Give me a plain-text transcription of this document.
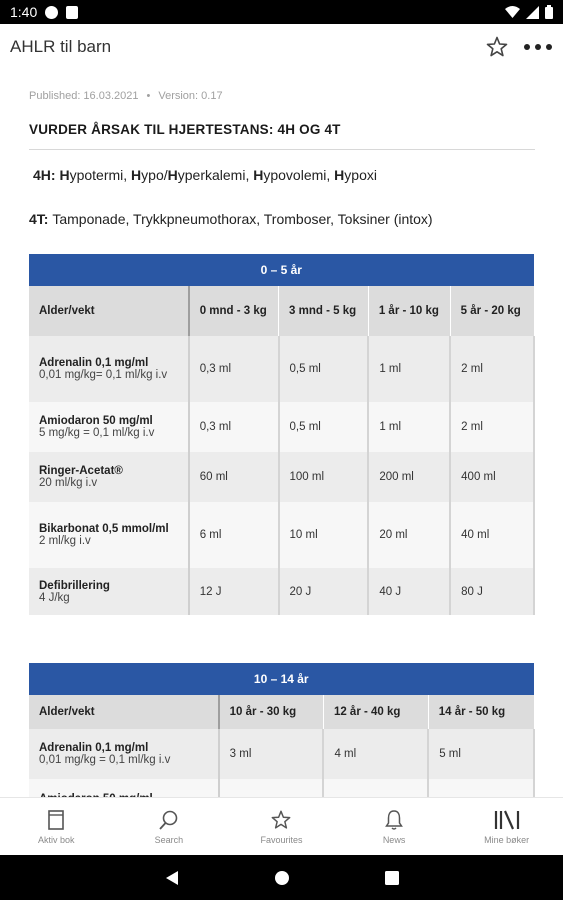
1:40
AHLR til barn
Published: 16.03.2021 • Version: 0.17
VURDER ÅRSAK TIL HJERTESTANS: 4H OG 4T
4H: Hypotermi, Hypo/Hyperkalemi, Hypovolemi, Hypoxi
4T: Tamponade, Trykkpneumothorax, Tromboser, Toksiner (intox)
0 – 5 år				
Alder/vekt	0 mnd - 3 kg	3 mnd - 5 kg	1 år - 10 kg	5 år - 20 kg

Adrenalin 0,1 mg/ml
0,01 mg/kg= 0,1 ml/kg i.v	0,3 ml	0,5 ml	1 ml	2 ml

Amiodaron 50 mg/ml
5 mg/kg = 0,1 ml/kg i.v	0,3 ml	0,5 ml	1 ml	2 ml

Ringer-Acetat®
20 ml/kg i.v	60 ml	100 ml	200 ml	400 ml

Bikarbonat 0,5 mmol/ml
2 ml/kg i.v	6 ml	10 ml	20 ml	40 ml

Defibrillering
4 J/kg	12 J	20 J	40 J	80 J
10 – 14 år			
Alder/vekt	10 år - 30 kg	12 år - 40 kg	14 år - 50 kg

Adrenalin 0,1 mg/ml
0,01 mg/kg = 0,1 ml/kg i.v	3 ml	4 ml	5 ml

Aktiv bok	Search	Favourites	News	Mine bøker
